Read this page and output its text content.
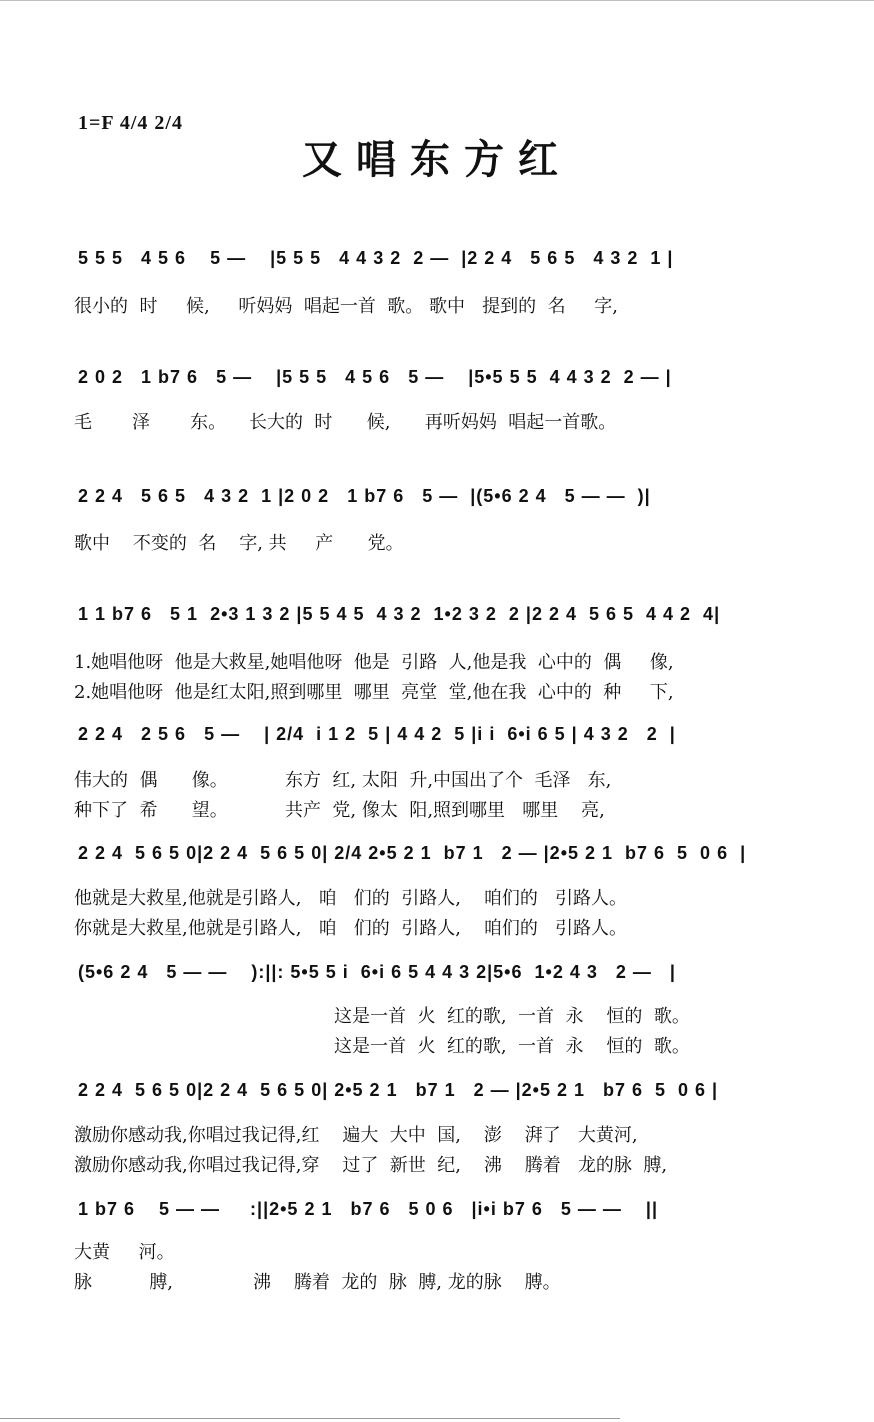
1=F 4/4 2/4
又唱东方红
5 5 5   4 5 6    5 —    |5 5 5   4 4 3 2  2 —  |2 2 4   5 6 5   4 3 2  1 |
很小的  时     候,     听妈妈  唱起一首  歌。 歌中   提到的  名     字,
2 0 2   1 b7 6   5 —    |5 5 5   4 5 6   5 —    |5•5 5 5  4 4 3 2  2 — |
毛       泽       东。    长大的  时      候,      再听妈妈  唱起一首歌。
2 2 4   5 6 5   4 3 2  1 |2 0 2   1 b7 6   5 —  |(5•6 2 4   5 — —  )|
歌中    不变的  名    字, 共     产      党。
1 1 b7 6   5 1  2•3 1 3 2 |5 5 4 5  4 3 2  1•2 3 2  2 |2 2 4  5 6 5  4 4 2  4|
1.她唱他呀  他是大救星,她唱他呀  他是  引路  人,他是我  心中的  偶     像,
2.她唱他呀  他是红太阳,照到哪里  哪里  亮堂  堂,他在我  心中的  种     下,
2 2 4   2 5 6   5 —    | 2/4  i 1 2  5 | 4 4 2  5 |i i  6•i 6 5 | 4 3 2   2  |
伟大的  偶      像。          东方  红, 太阳  升,中国出了个  毛泽   东,
种下了  希      望。          共产  党, 像太  阳,照到哪里   哪里    亮,
2 2 4  5 6 5 0|2 2 4  5 6 5 0| 2/4 2•5 2 1  b7 1   2 — |2•5 2 1  b7 6  5  0 6  |
他就是大救星,他就是引路人,   咱   们的  引路人,    咱们的   引路人。
你就是大救星,他就是引路人,   咱   们的  引路人,    咱们的   引路人。
(5•6 2 4   5 — —    ):||: 5•5 5 i  6•i 6 5 4 4 3 2|5•6  1•2 4 3   2 —   |
这是一首  火  红的歌,  一首  永    恒的  歌。
这是一首  火  红的歌,  一首  永    恒的  歌。
2 2 4  5 6 5 0|2 2 4  5 6 5 0| 2•5 2 1   b7 1   2 — |2•5 2 1   b7 6  5  0 6 |
激励你感动我,你唱过我记得,红    遍大  大中  国,    澎    湃了   大黄河,
激励你感动我,你唱过我记得,穿    过了  新世  纪,    沸    腾着   龙的脉  膊,
1 b7 6    5 — —     :||2•5 2 1   b7 6   5 0 6   |i•i b7 6   5 — —    ||
大黄     河。
脉          膊,              沸    腾着  龙的  脉  膊, 龙的脉    膊。
